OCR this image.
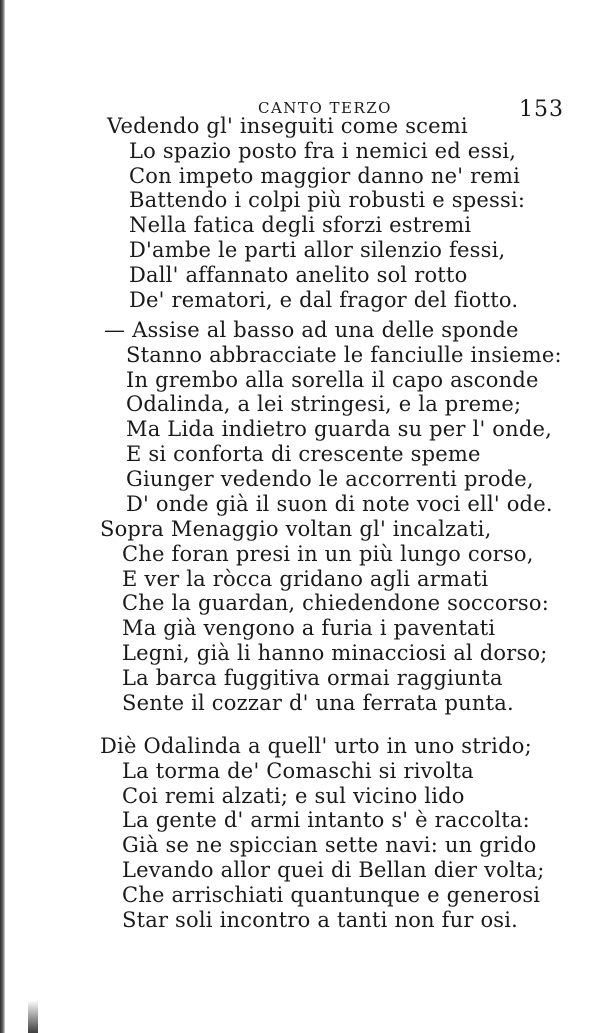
CANTO TERZO	153
Vedendo gl' inseguiti come scemi
Lo spazio posto fra i nemici ed essi,
Con impeto maggior danno ne' remi
Battendo i colpi più robusti e spessi:
Nella fatica degli sforzi estremi
D'ambe le parti allor silenzio fessi,
Dall' affannato anelito sol rotto
De' rematori, e dal fragor del fiotto.
— Assise al basso ad una delle sponde
Stanno abbracciate le fanciulle insieme:
In grembo alla sorella il capo asconde
Odalinda, a lei stringesi, e la preme;
Ma Lida indietro guarda su per l' onde,
E si conforta di crescente speme
Giunger vedendo le accorrenti prode,
D' onde già il suon di note voci ell' ode.
Sopra Menaggio voltan gl' incalzati,
Che foran presi in un più lungo corso,
E ver la ròcca gridano agli armati
Che la guardan, chiedendone soccorso:
Ma già vengono a furia i paventati
Legni, già li hanno minacciosi al dorso;
La barca fuggitiva ormai raggiunta
Sente il cozzar d' una ferrata punta.
Diè Odalinda a quell' urto in uno strido;
La torma de' Comaschi si rivolta
Coi remi alzati; e sul vicino lido
La gente d' armi intanto s' è raccolta:
Già se ne spiccian sette navi: un grido
Levando allor quei di Bellan dier volta;
Che arrischiati quantunque e generosi
Star soli incontro a tanti non fur osi.
